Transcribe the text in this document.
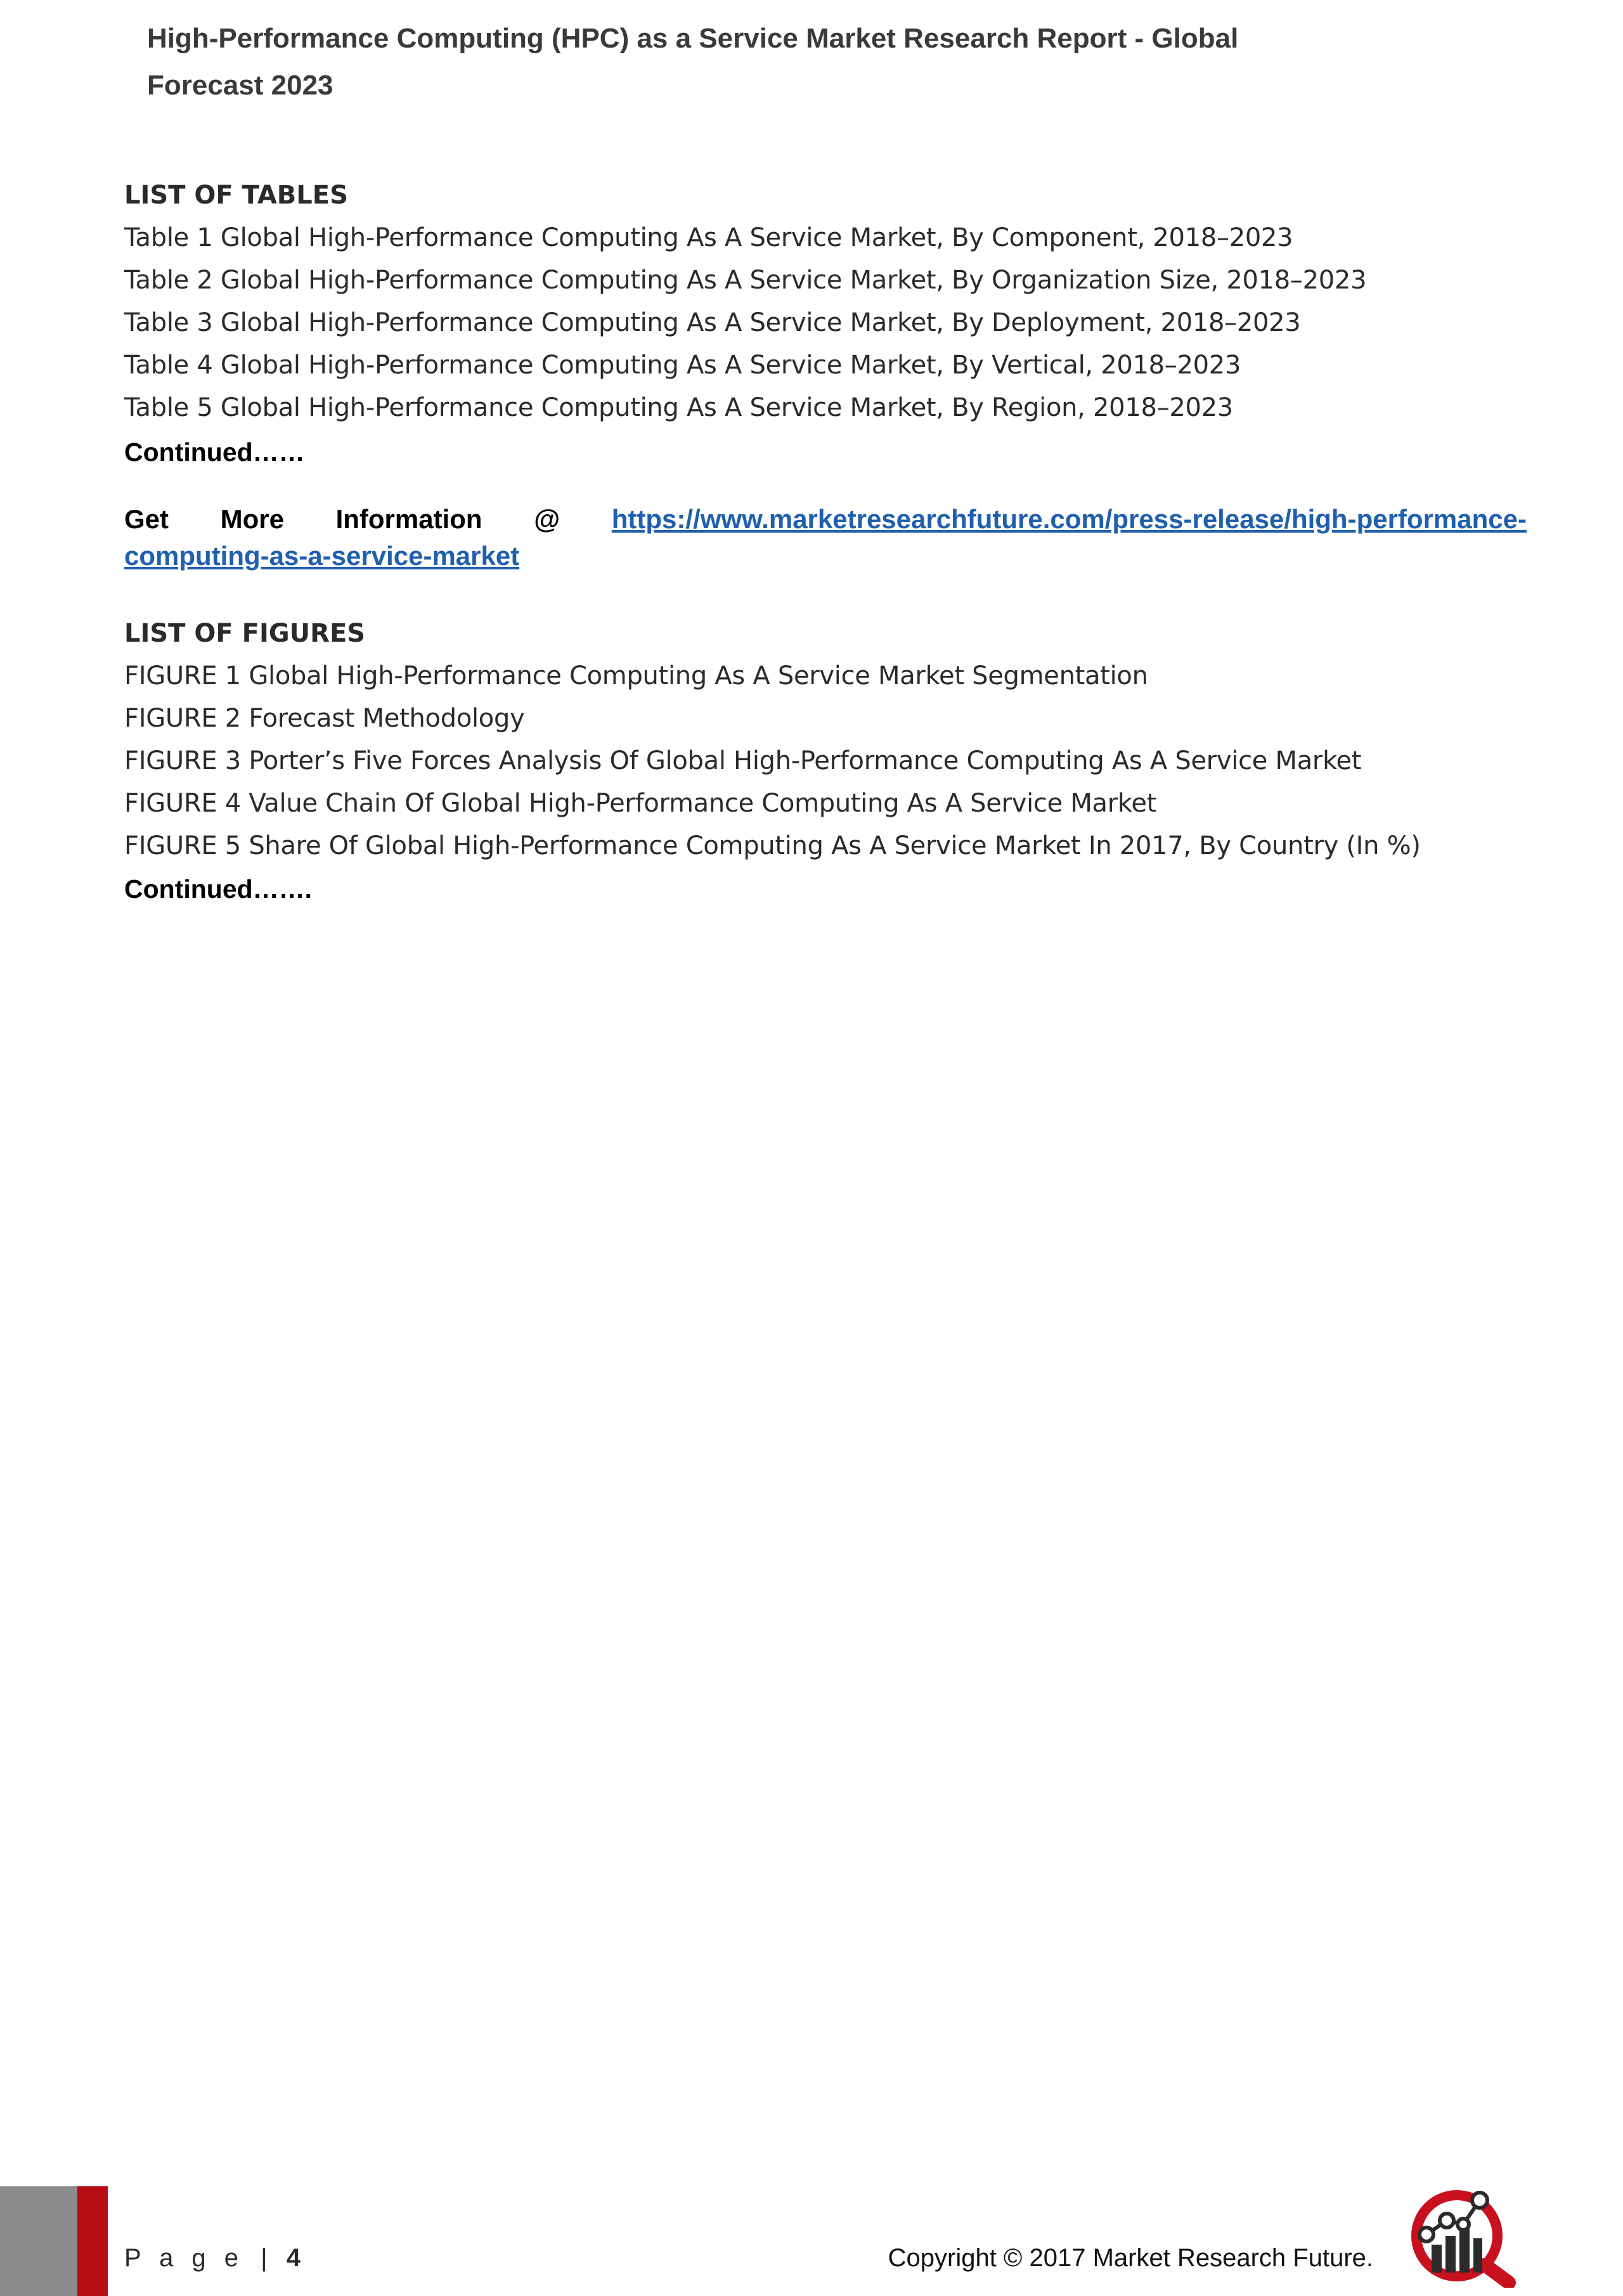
High-Performance Computing (HPC) as a Service Market Research Report - Global
Forecast 2023
LIST OF TABLES
Table 1 Global High-Performance Computing As A Service Market, By Component, 2018–2023
Table 2 Global High-Performance Computing As A Service Market, By Organization Size, 2018–2023
Table 3 Global High-Performance Computing As A Service Market, By Deployment, 2018–2023
Table 4 Global High-Performance Computing As A Service Market, By Vertical, 2018–2023
Table 5 Global High-Performance Computing As A Service Market, By Region, 2018–2023
Continued……
Get More Information @ https://www.marketresearchfuture.com/press-release/high-performance-
computing-as-a-service-market
LIST OF FIGURES
FIGURE 1 Global High-Performance Computing As A Service Market Segmentation
FIGURE 2 Forecast Methodology
FIGURE 3 Porter’s Five Forces Analysis Of Global High-Performance Computing As A Service Market
FIGURE 4 Value Chain Of Global High-Performance Computing As A Service Market
FIGURE 5 Share Of Global High-Performance Computing As A Service Market In 2017, By Country (In %)
Continued…….
P a g e | 4	Copyright © 2017 Market Research Future.
